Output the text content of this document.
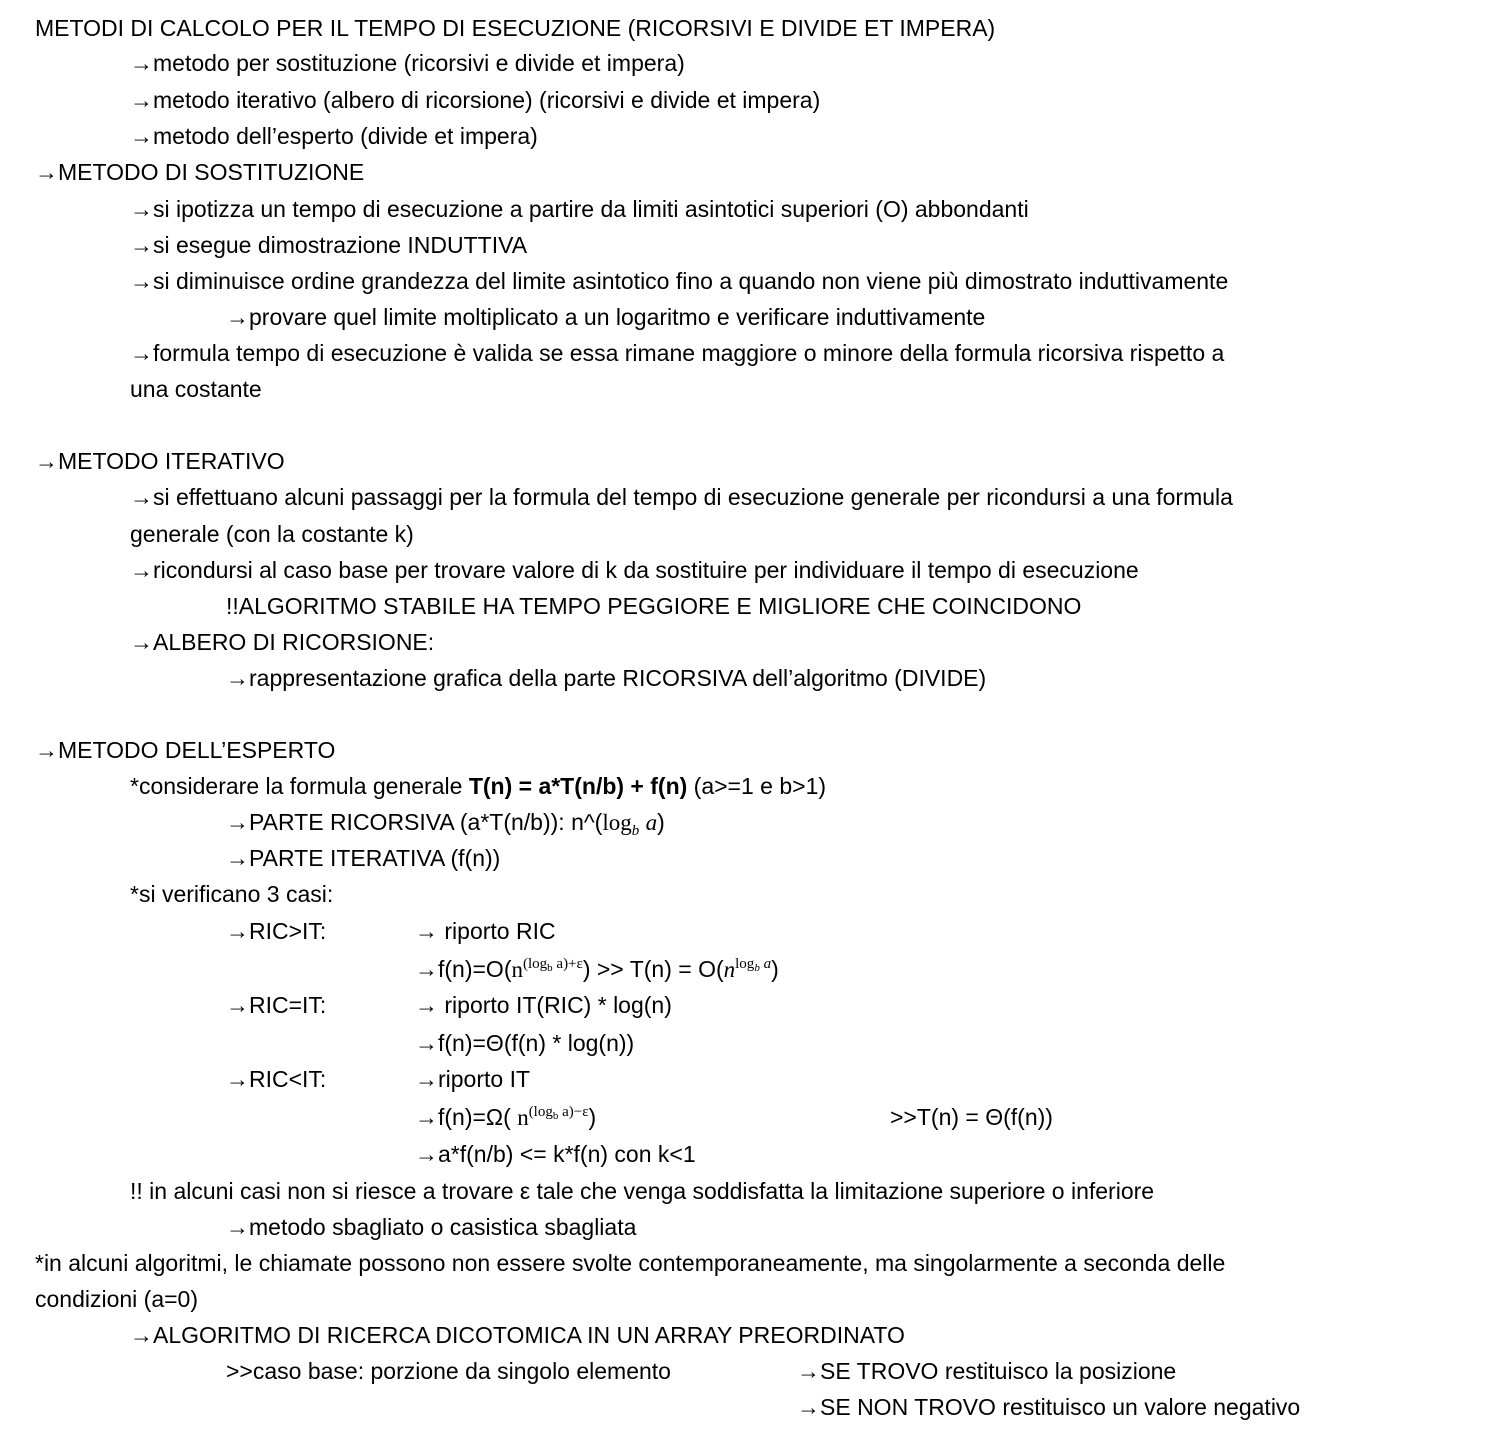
METODI DI CALCOLO PER IL TEMPO DI ESECUZIONE (RICORSIVI E DIVIDE ET IMPERA)
→metodo per sostituzione (ricorsivi e divide et impera)
→metodo iterativo (albero di ricorsione) (ricorsivi e divide et impera)
→metodo dell’esperto (divide et impera)
→METODO DI SOSTITUZIONE
→si ipotizza un tempo di esecuzione a partire da limiti asintotici superiori (O) abbondanti
→si esegue dimostrazione INDUTTIVA
→si diminuisce ordine grandezza del limite asintotico fino a quando non viene più dimostrato induttivamente
→provare quel limite moltiplicato a un logaritmo e verificare induttivamente
→formula tempo di esecuzione è valida se essa rimane maggiore o minore della formula ricorsiva rispetto a
una costante
→METODO ITERATIVO
→si effettuano alcuni passaggi per la formula del tempo di esecuzione generale per ricondursi a una formula
generale (con la costante k)
→ricondursi al caso base per trovare valore di k da sostituire per individuare il tempo di esecuzione
!!ALGORITMO STABILE HA TEMPO PEGGIORE E MIGLIORE CHE COINCIDONO
→ALBERO DI RICORSIONE:
→rappresentazione grafica della parte RICORSIVA dell’algoritmo (DIVIDE)
→METODO DELL’ESPERTO
*considerare la formula generale T(n) = a*T(n/b) + f(n) (a>=1 e b>1)
→PARTE RICORSIVA (a*T(n/b)): $n\^{}(\log_b$ a)
→PARTE ITERATIVA (f(n))
*si verificano 3 casi:
→RIC>IT:	→ riporto RIC
$\to f(n)=O(n^{(log_b a)+\varepsilon}) >> T(n) = O(n^{log_b a})$
→RIC=IT:	→ riporto IT(RIC) * log(n)
→f(n)=Θ(f(n) * log(n))
→RIC<IT:	→riporto IT
→f(n)=Ω( $n^{(log_b a)-\varepsilon}$)	>>T(n) = Θ(f(n))
→a*f(n/b) <= k*f(n) con k<1
!! in alcuni casi non si riesce a trovare ε tale che venga soddisfatta la limitazione superiore o inferiore
→metodo sbagliato o casistica sbagliata
*in alcuni algoritmi, le chiamate possono non essere svolte contemporaneamente, ma singolarmente a seconda delle
condizioni (a=0)
→ALGORITMO DI RICERCA DICOTOMICA IN UN ARRAY PREORDINATO
>>caso base: porzione da singolo elemento	→SE TROVO restituisco la posizione
→SE NON TROVO restituisco un valore negativo
